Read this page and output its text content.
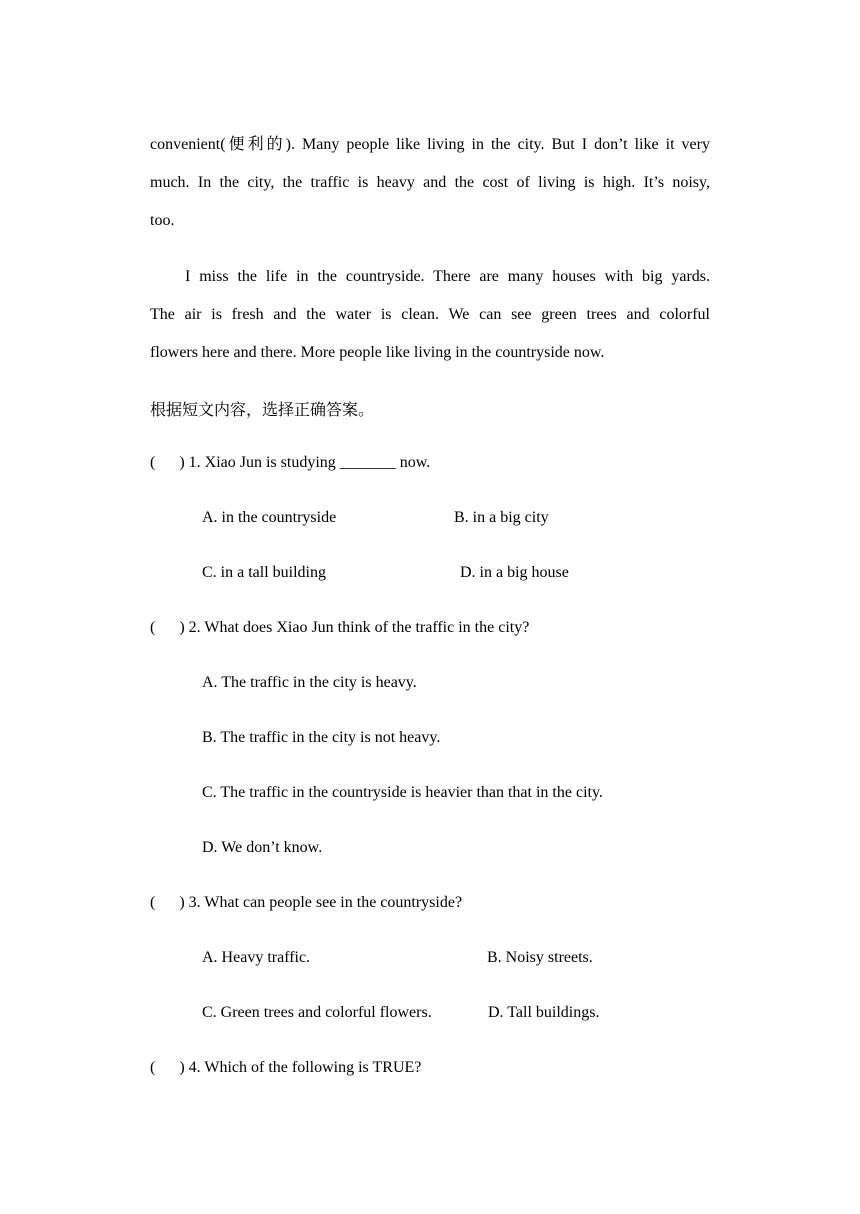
convenient(便利的). Many people like living in the city. But I don’t like it very
much. In the city, the traffic is heavy and the cost of living is high. It’s noisy,
too.
I miss the life in the countryside. There are many houses with big yards.
The air is fresh and the water is clean. We can see green trees and colorful
flowers here and there. More people like living in the countryside now.

根据短文内容，选择正确答案。

(      ) 1. Xiao Jun is studying _______ now.

A. in the countryside	B. in a big city

C. in a tall building	D. in a big house

(      ) 2. What does Xiao Jun think of the traffic in the city?

A. The traffic in the city is heavy.

B. The traffic in the city is not heavy.

C. The traffic in the countryside is heavier than that in the city.

D. We don’t know.

(      ) 3. What can people see in the countryside?

A. Heavy traffic.	B. Noisy streets.

C. Green trees and colorful flowers.	D. Tall buildings.

(      ) 4. Which of the following is TRUE?
